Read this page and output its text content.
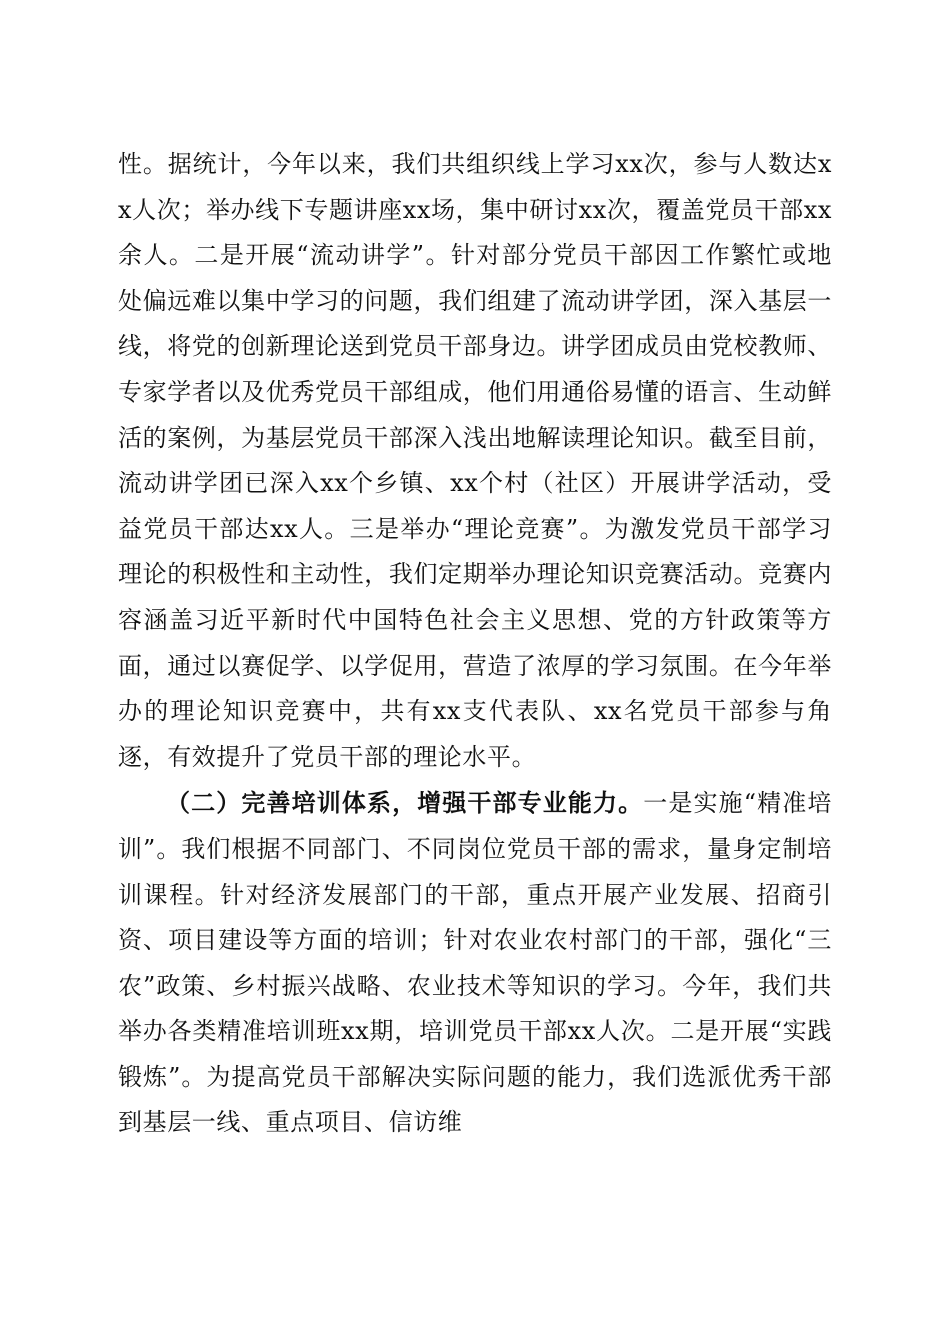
性。据统计，今年以来，我们共组织线上学习xx次，参与人数达xx人次；举办线下专题讲座xx场，集中研讨xx次，覆盖党员干部xx余人。二是开展“流动讲学”。针对部分党员干部因工作繁忙或地处偏远难以集中学习的问题，我们组建了流动讲学团，深入基层一线，将党的创新理论送到党员干部身边。讲学团成员由党校教师、专家学者以及优秀党员干部组成，他们用通俗易懂的语言、生动鲜活的案例，为基层党员干部深入浅出地解读理论知识。截至目前，流动讲学团已深入xx个乡镇、xx个村（社区）开展讲学活动，受益党员干部达xx人。三是举办“理论竞赛”。为激发党员干部学习理论的积极性和主动性，我们定期举办理论知识竞赛活动。竞赛内容涵盖习近平新时代中国特色社会主义思想、党的方针政策等方面，通过以赛促学、以学促用，营造了浓厚的学习氛围。在今年举办的理论知识竞赛中，共有xx支代表队、xx名党员干部参与角逐，有效提升了党员干部的理论水平。

（二）完善培训体系，增强干部专业能力。一是实施“精准培训”。我们根据不同部门、不同岗位党员干部的需求，量身定制培训课程。针对经济发展部门的干部，重点开展产业发展、招商引资、项目建设等方面的培训；针对农业农村部门的干部，强化“三农”政策、乡村振兴战略、农业技术等知识的学习。今年，我们共举办各类精准培训班xx期，培训党员干部xx人次。二是开展“实践锻炼”。为提高党员干部解决实际问题的能力，我们选派优秀干部到基层一线、重点项目、信访维
